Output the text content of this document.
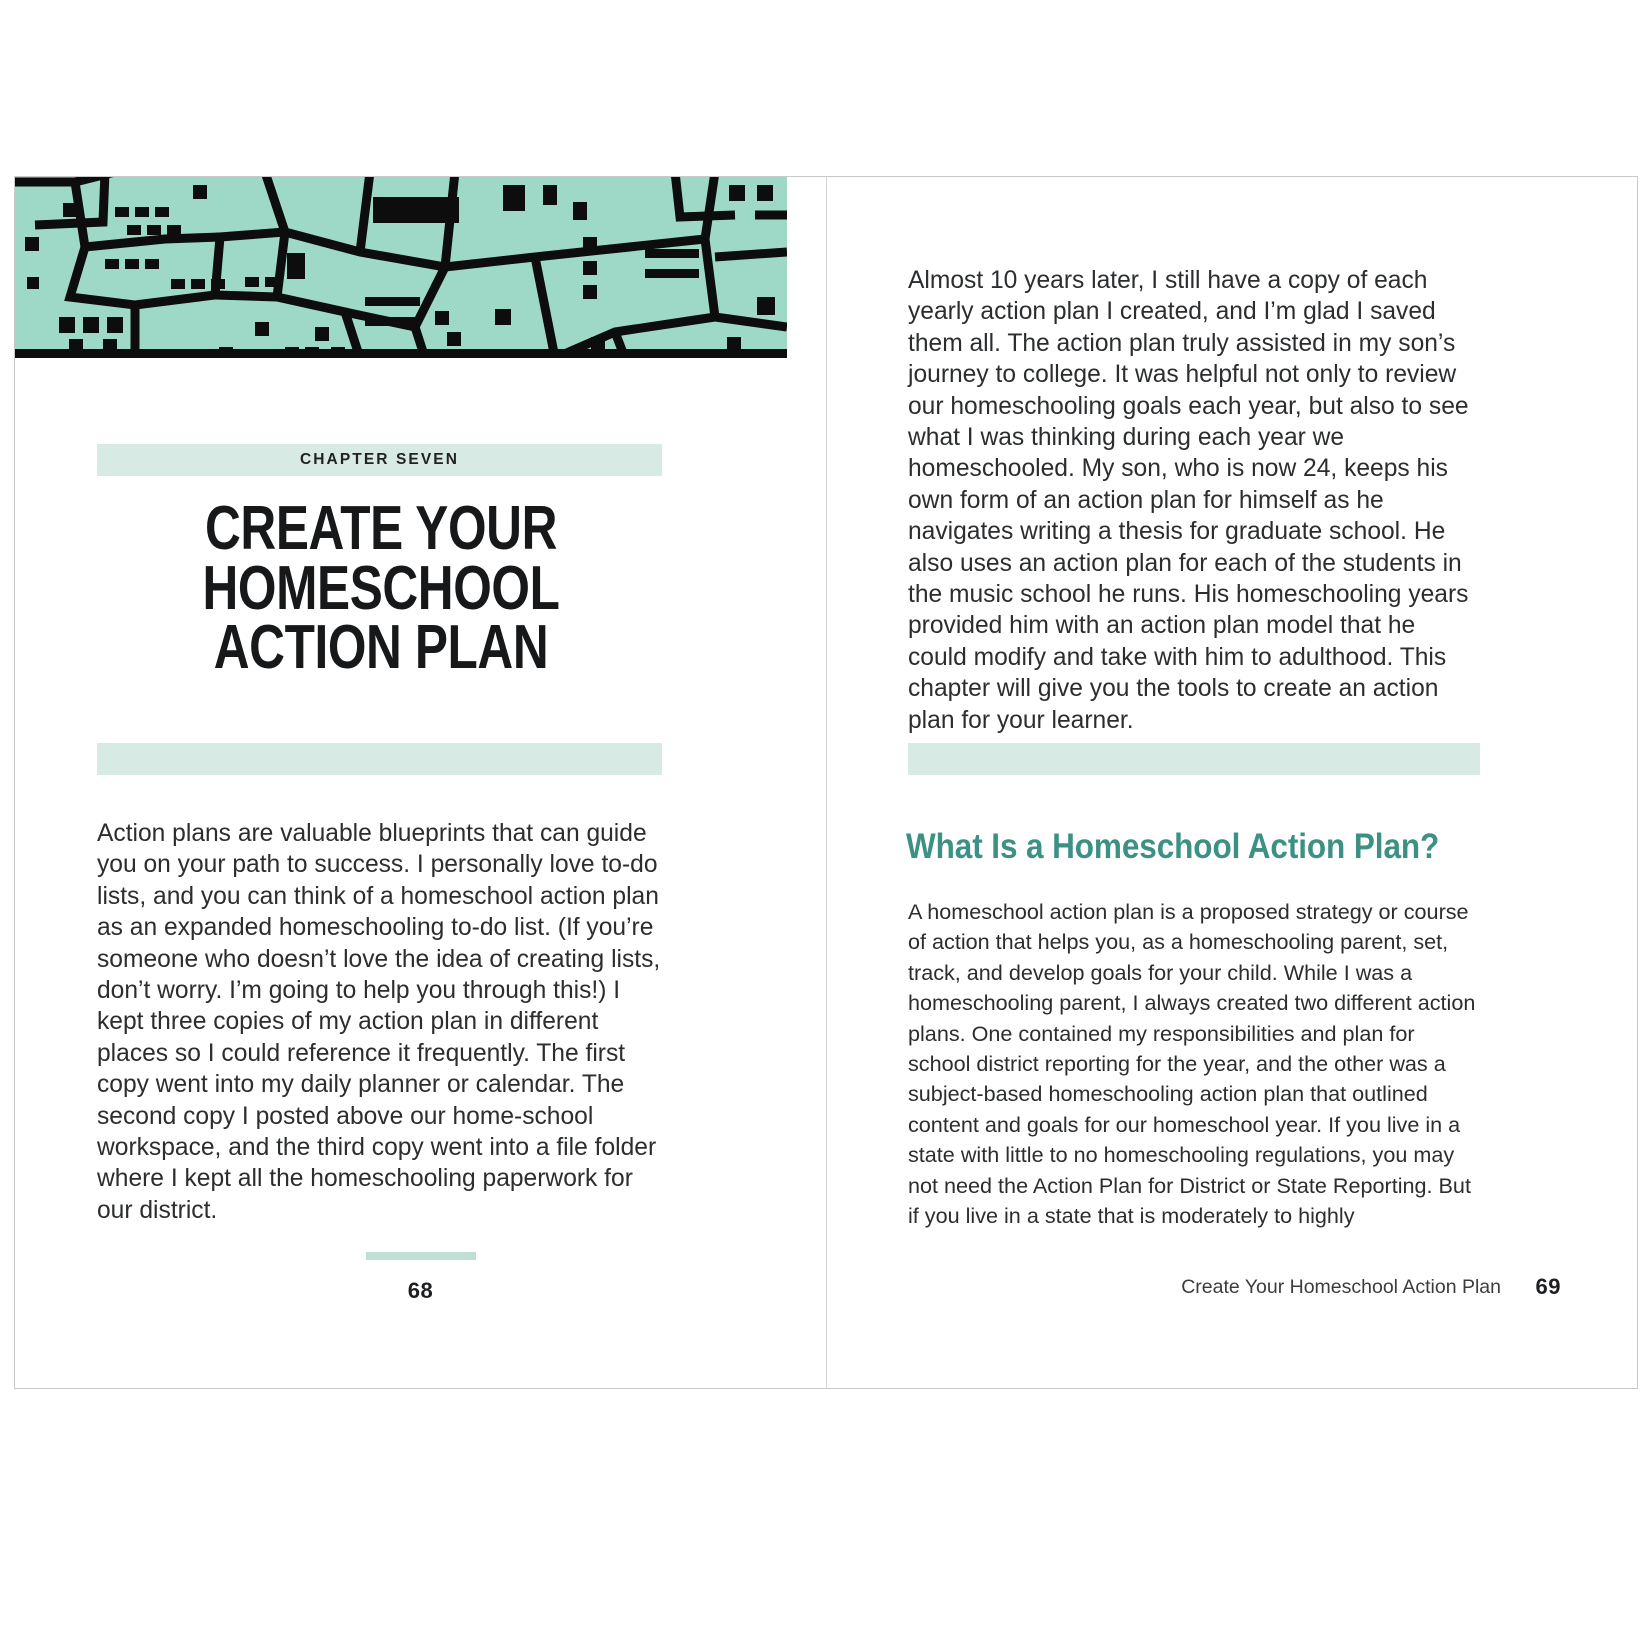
CHAPTER SEVEN
CREATE YOUR HOMESCHOOL ACTION PLAN

Action plans are valuable blueprints that can guide you on your path to success. I personally love to-do lists, and you can think of a homeschool action plan as an expanded homeschooling to-do list. (If you’re someone who doesn’t love the idea of creating lists, don’t worry. I’m going to help you through this!) I kept three copies of my action plan in different places so I could reference it frequently. The first copy went into my daily planner or calendar. The second copy I posted above our home-school workspace, and the third copy went into a file folder where I kept all the homeschooling paperwork for our district.

68

Almost 10 years later, I still have a copy of each yearly action plan I created, and I’m glad I saved them all. The action plan truly assisted in my son’s journey to college. It was helpful not only to review our homeschooling goals each year, but also to see what I was thinking during each year we homeschooled. My son, who is now 24, keeps his own form of an action plan for himself as he navigates writing a thesis for graduate school. He also uses an action plan for each of the students in the music school he runs. His homeschooling years provided him with an action plan model that he could modify and take with him to adulthood. This chapter will give you the tools to create an action plan for your learner.

What Is a Homeschool Action Plan?

A homeschool action plan is a proposed strategy or course of action that helps you, as a homeschooling parent, set, track, and develop goals for your child. While I was a homeschooling parent, I always created two different action plans. One contained my responsibilities and plan for school district reporting for the year, and the other was a subject-based homeschooling action plan that outlined content and goals for our homeschool year. If you live in a state with little to no homeschooling regulations, you may not need the Action Plan for District or State Reporting. But if you live in a state that is moderately to highly

Create Your Homeschool Action Plan 69
